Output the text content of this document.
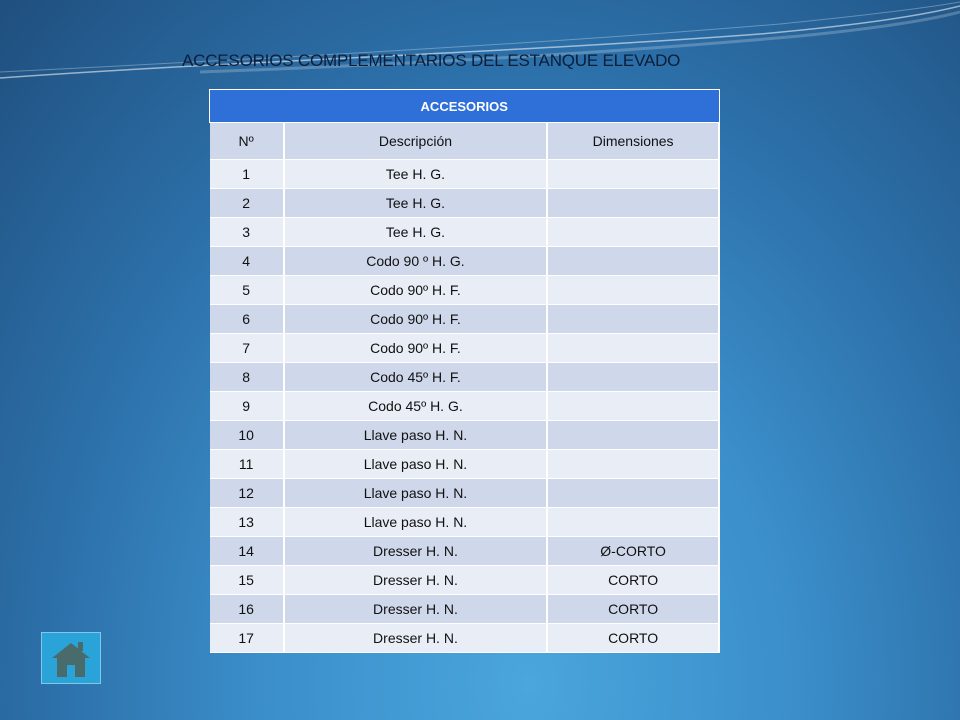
ACCESORIOS COMPLEMENTARIOS DEL ESTANQUE ELEVADO
ACCESORIOS		
Nº	Descripción	Dimensiones
1	Tee H. G.	
2	Tee H. G.	
3	Tee H. G.	
4	Codo 90 º H. G.	
5	Codo 90º H. F.	
6	Codo 90º H. F.	
7	Codo 90º H. F.	
8	Codo 45º H. F.	
9	Codo 45º H. G.	
10	Llave paso H. N.	
11	Llave paso H. N.	
12	Llave paso H. N.	
13	Llave paso H. N.	
14	Dresser H. N.	Ø-CORTO
15	Dresser H. N.	CORTO
16	Dresser H. N.	CORTO
17	Dresser H. N.	CORTO
